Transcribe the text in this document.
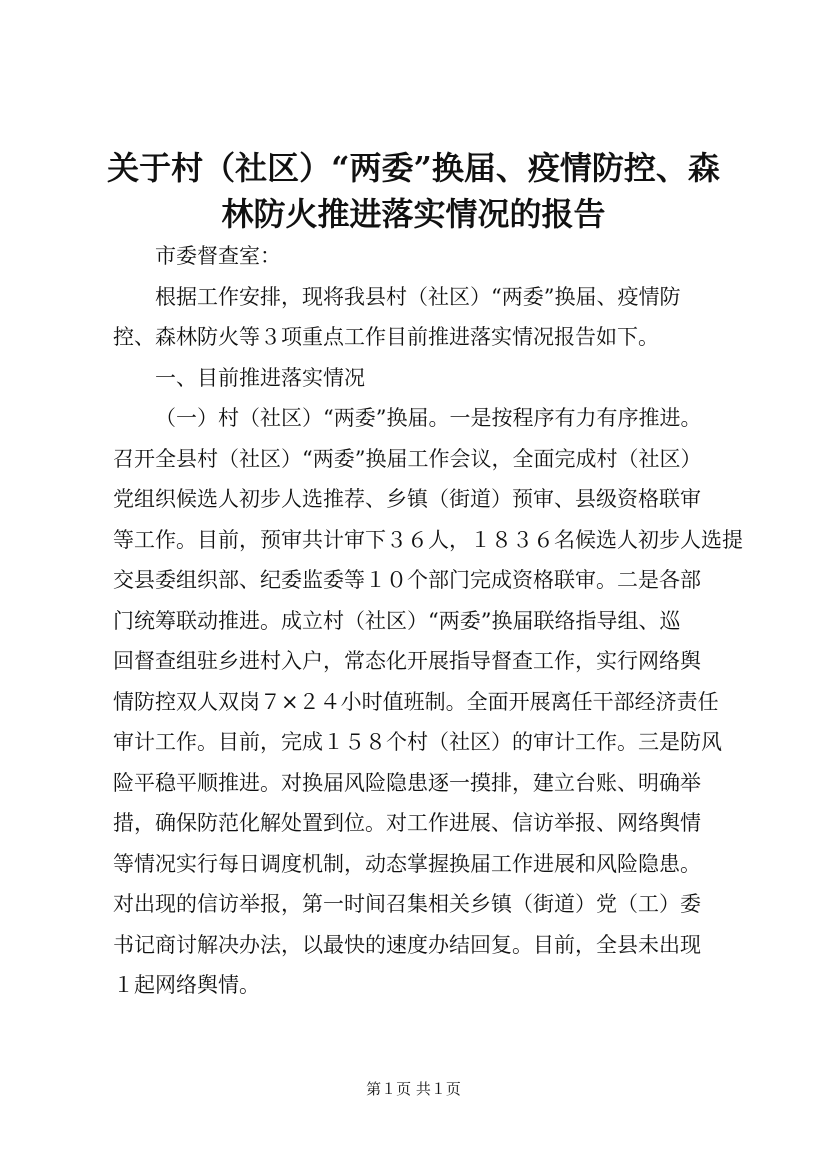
关于村（社区）“两委”换届、疫情防控、森
林防火推进落实情况的报告

市委督查室：

根据工作安排，现将我县村（社区）“两委”换届、疫情防
控、森林防火等３项重点工作目前推进落实情况报告如下。

一、目前推进落实情况

（一）村（社区）“两委”换届。一是按程序有力有序推进。
召开全县村（社区）“两委”换届工作会议，全面完成村（社区）
党组织候选人初步人选推荐、乡镇（街道）预审、县级资格联审
等工作。目前，预审共计审下３６人，１８３６名候选人初步人选提
交县委组织部、纪委监委等１０个部门完成资格联审。二是各部
门统筹联动推进。成立村（社区）“两委”换届联络指导组、巡
回督查组驻乡进村入户，常态化开展指导督查工作，实行网络舆
情防控双人双岗７×２４小时值班制。全面开展离任干部经济责任
审计工作。目前，完成１５８个村（社区）的审计工作。三是防风
险平稳平顺推进。对换届风险隐患逐一摸排，建立台账、明确举
措，确保防范化解处置到位。对工作进展、信访举报、网络舆情
等情况实行每日调度机制，动态掌握换届工作进展和风险隐患。
对出现的信访举报，第一时间召集相关乡镇（街道）党（工）委
书记商讨解决办法，以最快的速度办结回复。目前，全县未出现
１起网络舆情。

第１页 共１页
